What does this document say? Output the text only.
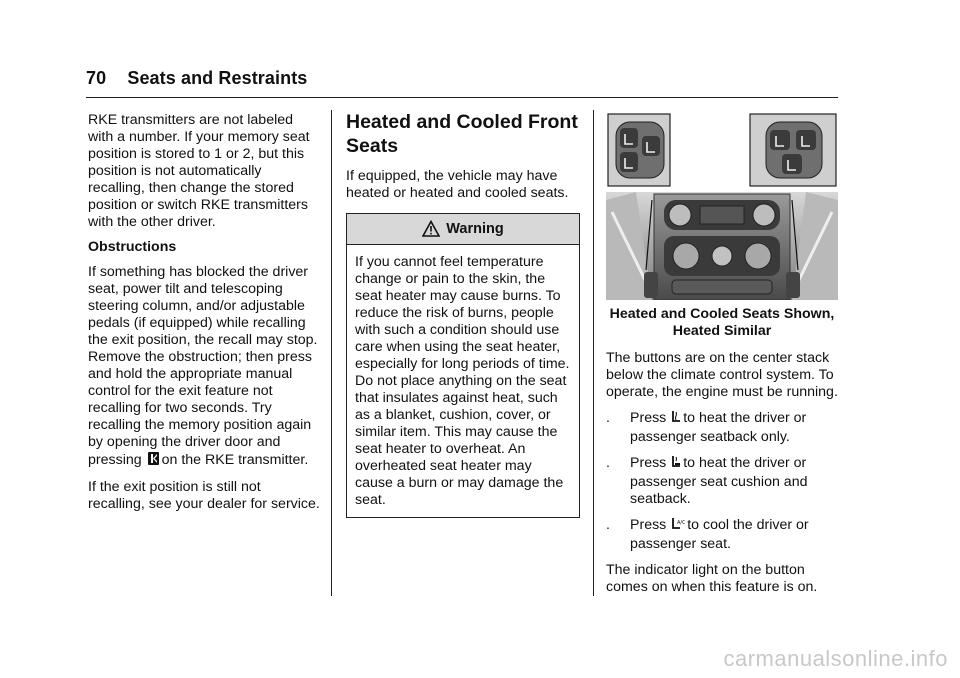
70 Seats and Restraints

RKE transmitters are not labeled with a number. If your memory seat position is stored to 1 or 2, but this position is not automatically recalling, then change the stored position or switch RKE transmitters with the other driver.

Obstructions

If something has blocked the driver seat, power tilt and telescoping steering column, and/or adjustable pedals (if equipped) while recalling the exit position, the recall may stop. Remove the obstruction; then press and hold the appropriate manual control for the exit feature not recalling for two seconds. Try recalling the memory position again by opening the driver door and pressing on the RKE transmitter.

If the exit position is still not recalling, see your dealer for service.

Heated and Cooled Front Seats

If equipped, the vehicle may have heated or heated and cooled seats.

Warning
If you cannot feel temperature change or pain to the skin, the seat heater may cause burns. To reduce the risk of burns, people with such a condition should use care when using the seat heater, especially for long periods of time. Do not place anything on the seat that insulates against heat, such as a blanket, cushion, cover, or similar item. This may cause the seat heater to overheat. An overheated seat heater may cause a burn or may damage the seat.
Heated and Cooled Seats Shown, Heated Similar

The buttons are on the center stack below the climate control system. To operate, the engine must be running.

.	Press to heat the driver or passenger seatback only.
.	Press to heat the driver or passenger seat cushion and seatback.
.	Press A/C to cool the driver or passenger seat.

The indicator light on the button comes on when this feature is on.

carmanualsonline.info
